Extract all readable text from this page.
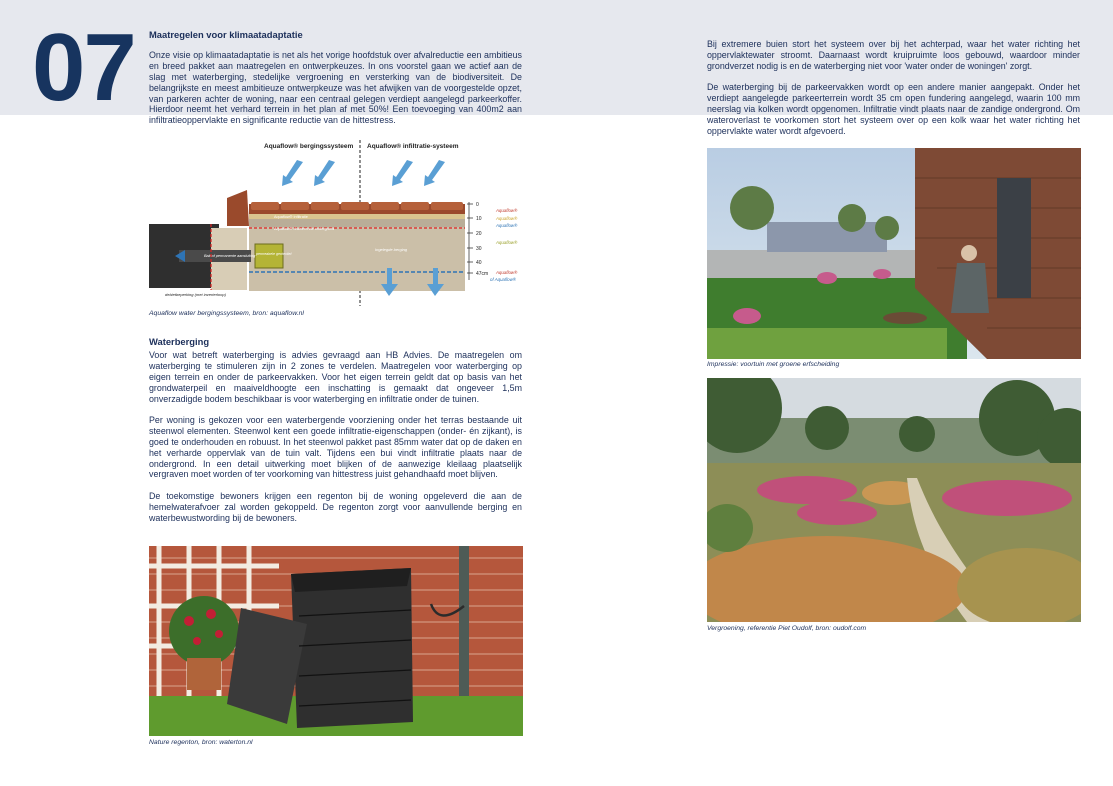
07 Maatregelen voor klimaatadaptatie

Onze visie op klimaatadaptatie is net als het vorige hoofdstuk over afvalreductie een ambitieus en breed pakket aan maatregelen en ontwerpkeuzes. In ons voorstel gaan we actief aan de slag met waterberging, stedelijke vergroening en versterking van de biodiversiteit. De belangrijkste en meest ambitieuze ontwerpkeuze was het afwijken van de voorgestelde opzet, van parkeren achter de woning, naar een centraal gelegen verdiept aangelegd parkeerkoffer. Hierdoor neemt het verhard terrein in het plan af met 50%! Een toevoeging van 400m2 aan infiltratieoppervlakte en significante reductie van de hittestress.

Aquaflow® bergingssysteem Aquaflow® infiltratie-systeem
Aquaflow® Infiltratie
Aquaflow® drainerende ondergrond
Bak of permanente aansluiting permeabele geotextiel
Ingelegde berging
debietbeperking (met inverterloop)
0
10
20
30
40
47cm
Aquaflow®
Aquaflow®
Aquaflow®
Aquaflow®
Aquaflow®
of Aquaflow®
Aquaflow water bergingssysteem, bron: aquaflow.nl
Waterberging

Voor wat betreft waterberging is advies gevraagd aan HB Advies. De maatregelen om waterberging te stimuleren zijn in 2 zones te verdelen. Maatregelen voor waterberging op eigen terrein en onder de parkeervakken. Voor het eigen terrein geldt dat op basis van het grondwaterpeil en maaiveldhoogte een inschatting is gemaakt dat ongeveer 1,5m onverzadigde bodem beschikbaar is voor waterberging en infiltratie onder de tuinen.

Per woning is gekozen voor een waterbergende voorziening onder het terras bestaande uit steenwol elementen. Steenwol kent een goede infiltratie-eigenschappen (onder- én zijkant), is goed te onderhouden en robuust. In het steenwol pakket past 85mm water dat op de daken en het verharde oppervlak van de tuin valt. Tijdens een bui vindt infiltratie plaats naar de ondergrond. In een detail uitwerking moet blijken of de aanwezige kleilaag plaatselijk vergraven moet worden of ter voorkoming van hittestress juist gehandhaafd moet blijven.

De toekomstige bewoners krijgen een regenton bij de woning opgeleverd die aan de hemelwaterafvoer zal worden gekoppeld. De regenton zorgt voor aanvullende berging en waterbewustwording bij de bewoners.

Nature regenton, bron: waterton.nl

Bij extremere buien stort het systeem over bij het achterpad, waar het water richting het oppervlaktewater stroomt. Daarnaast wordt kruipruimte loos gebouwd, waardoor minder grondverzet nodig is en de waterberging niet voor 'water onder de woningen' zorgt.

De waterberging bij de parkeervakken wordt op een andere manier aangepakt. Onder het verdiept aangelegde parkeerterrein wordt 35 cm open fundering aangelegd, waarin 100 mm neerslag via kolken wordt opgenomen. Infiltratie vindt plaats naar de zandige ondergrond. Om wateroverlast te voorkomen stort het systeem over op een kolk waar het water richting het oppervlakte water wordt afgevoerd.

Impressie: voortuin met groene erfscheiding
Vergroening, referentie Piet Oudolf, bron: oudolf.com
